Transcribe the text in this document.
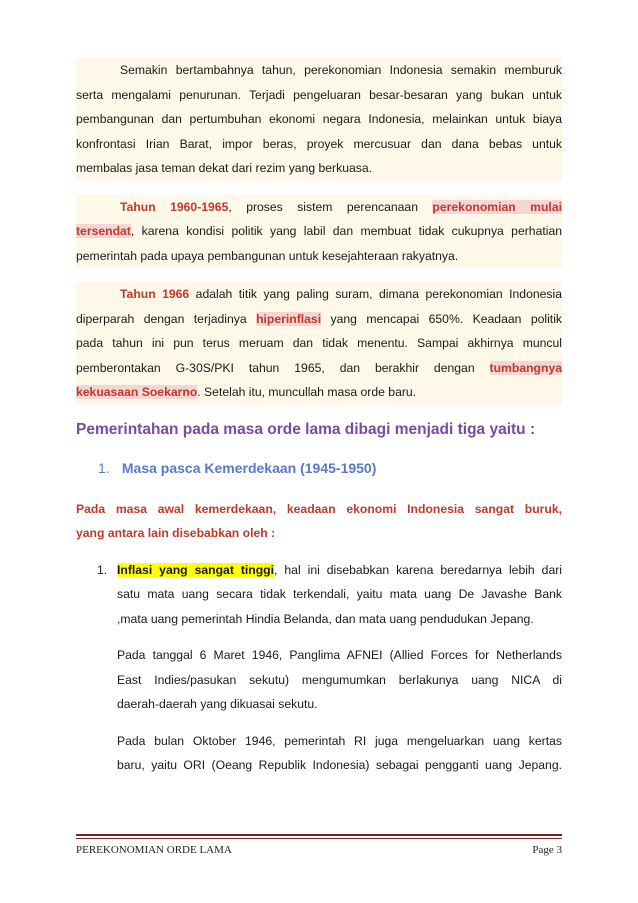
Semakin bertambahnya tahun, perekonomian Indonesia semakin memburuk
serta mengalami penurunan. Terjadi pengeluaran besar-besaran yang bukan untuk
pembangunan dan pertumbuhan ekonomi negara Indonesia, melainkan untuk biaya
konfrontasi Irian Barat, impor beras, proyek mercusuar dan dana bebas untuk
membalas jasa teman dekat dari rezim yang berkuasa.
Tahun 1960-1965, proses sistem perencanaan perekonomian mulai
tersendat, karena kondisi politik yang labil dan membuat tidak cukupnya perhatian
pemerintah pada upaya pembangunan untuk kesejahteraan rakyatnya.
Tahun 1966 adalah titik yang paling suram, dimana perekonomian Indonesia
diperparah dengan terjadinya hiperinflasi yang mencapai 650%. Keadaan politik
pada tahun ini pun terus meruam dan tidak menentu. Sampai akhirnya muncul
pemberontakan G-30S/PKI tahun 1965, dan berakhir dengan tumbangnya
kekuasaan Soekarno. Setelah itu, muncullah masa orde baru.
Pemerintahan pada masa orde lama dibagi menjadi tiga yaitu :
1. Masa pasca Kemerdekaan (1945-1950)
Pada masa awal kemerdekaan, keadaan ekonomi Indonesia sangat buruk,
yang antara lain disebabkan oleh :
1. Inflasi yang sangat tinggi, hal ini disebabkan karena beredarnya lebih dari
satu mata uang secara tidak terkendali, yaitu mata uang De Javashe Bank
,mata uang pemerintah Hindia Belanda, dan mata uang pendudukan Jepang.
Pada tanggal 6 Maret 1946, Panglima AFNEI (Allied Forces for Netherlands
East Indies/pasukan sekutu) mengumumkan berlakunya uang NICA di
daerah-daerah yang dikuasai sekutu.
Pada bulan Oktober 1946, pemerintah RI juga mengeluarkan uang kertas
baru, yaitu ORI (Oeang Republik Indonesia) sebagai pengganti uang Jepang.
PEREKONOMIAN ORDE LAMA	Page 3
